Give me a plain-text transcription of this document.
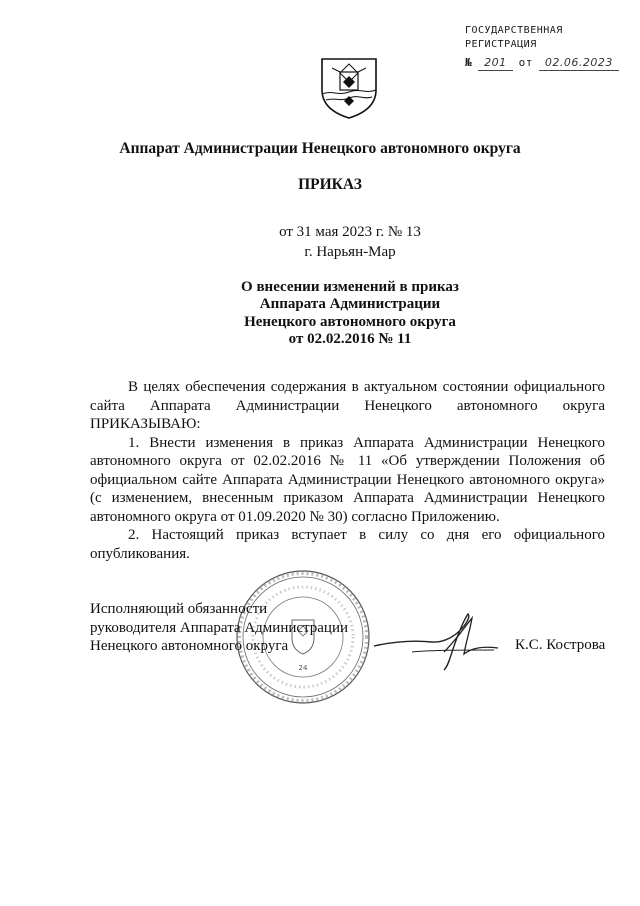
ГОСУДАРСТВЕННАЯ
РЕГИСТРАЦИЯ
№	201	от	02.06.2023
Аппарат Администрации Ненецкого автономного округа
ПРИКАЗ
от 31 мая 2023 г. № 13
г. Нарьян-Мар
О внесении изменений в приказ
Аппарата Администрации
Ненецкого автономного округа
от 02.02.2016 № 11

В целях обеспечения содержания в актуальном состоянии официального сайта Аппарата Администрации Ненецкого автономного округа ПРИКАЗЫВАЮ:

1. Внести изменения в приказ Аппарата Администрации Ненецкого автономного округа от 02.02.2016 № 11 «Об утверждении Положения об официальном сайте Аппарата Администрации Ненецкого автономного округа» (с изменением, внесенным приказом Аппарата Администрации Ненецкого автономного округа от 01.09.2020 № 30) согласно Приложению.

2. Настоящий приказ вступает в силу со дня его официального опубликования.

24
Исполняющий обязанности
руководителя Аппарата Администрации
Ненецкого автономного округа	К.С. Кострова
